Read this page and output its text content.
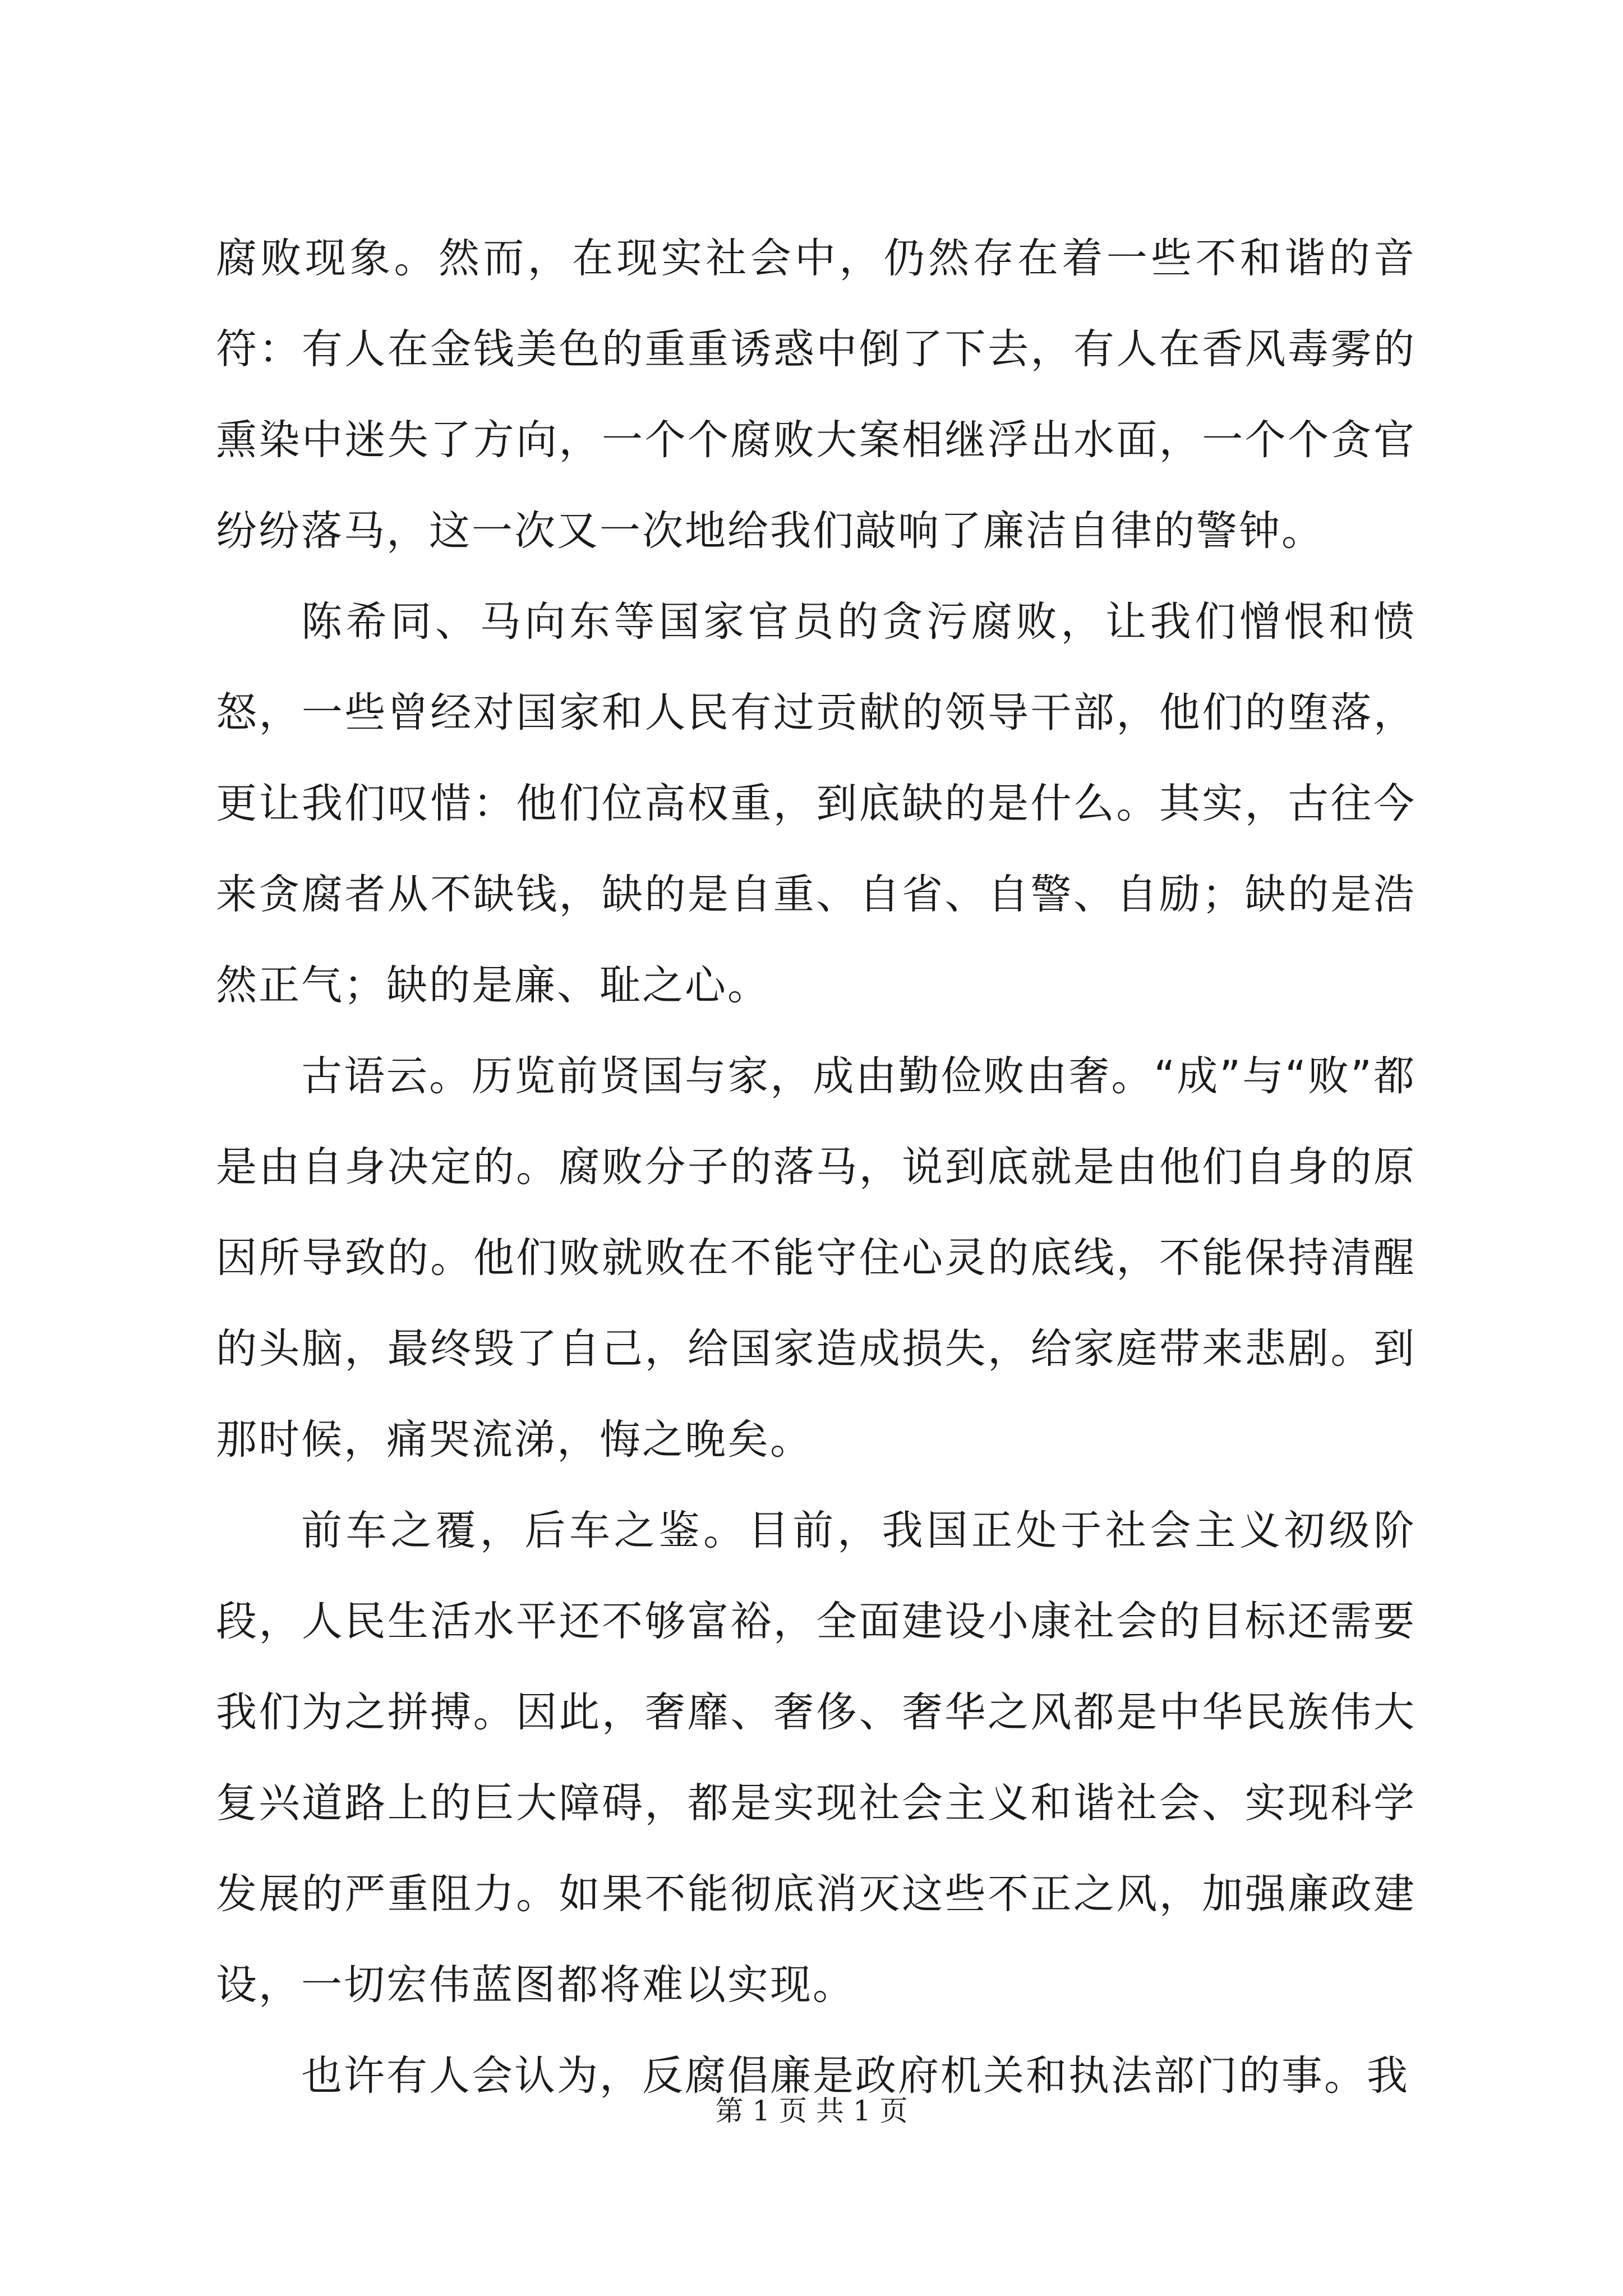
腐败现象。然而，在现实社会中，仍然存在着一些不和谐的音符：有人在金钱美色的重重诱惑中倒了下去，有人在香风毒雾的熏染中迷失了方向，一个个腐败大案相继浮出水面，一个个贪官纷纷落马，这一次又一次地给我们敲响了廉洁自律的警钟。

陈希同、马向东等国家官员的贪污腐败，让我们憎恨和愤怒，一些曾经对国家和人民有过贡献的领导干部，他们的堕落，更让我们叹惜：他们位高权重，到底缺的是什么。其实，古往今来贪腐者从不缺钱，缺的是自重、自省、自警、自励；缺的是浩然正气；缺的是廉、耻之心。

古语云。历览前贤国与家，成由勤俭败由奢。“成”与“败”都是由自身决定的。腐败分子的落马，说到底就是由他们自身的原因所导致的。他们败就败在不能守住心灵的底线，不能保持清醒的头脑，最终毁了自己，给国家造成损失，给家庭带来悲剧。到那时候，痛哭流涕，悔之晚矣。

前车之覆，后车之鉴。目前，我国正处于社会主义初级阶段，人民生活水平还不够富裕，全面建设小康社会的目标还需要我们为之拼搏。因此，奢靡、奢侈、奢华之风都是中华民族伟大复兴道路上的巨大障碍，都是实现社会主义和谐社会、实现科学发展的严重阻力。如果不能彻底消灭这些不正之风，加强廉政建设，一切宏伟蓝图都将难以实现。

也许有人会认为，反腐倡廉是政府机关和执法部门的事。我

第 1 页 共 1 页
